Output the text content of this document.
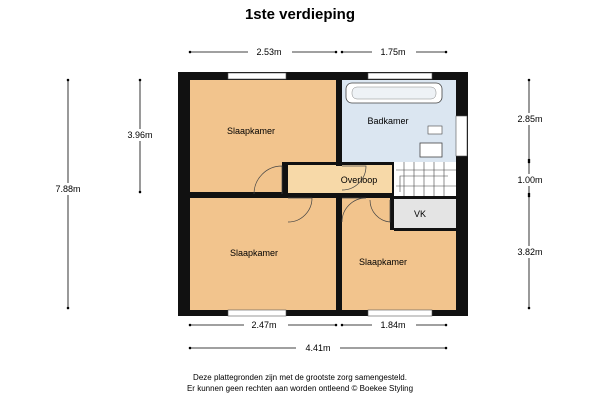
1ste verdieping
Slaapkamer
Badkamer
Overloop
Slaapkamer
Slaapkamer
VK
2.53m	1.75m
2.47m	1.84m
4.41m
7.88m
3.96m
2.85m
1.00m
3.82m
Deze plattegronden zijn met de grootste zorg samengesteld.
Er kunnen geen rechten aan worden ontleend © Boekee Styling
